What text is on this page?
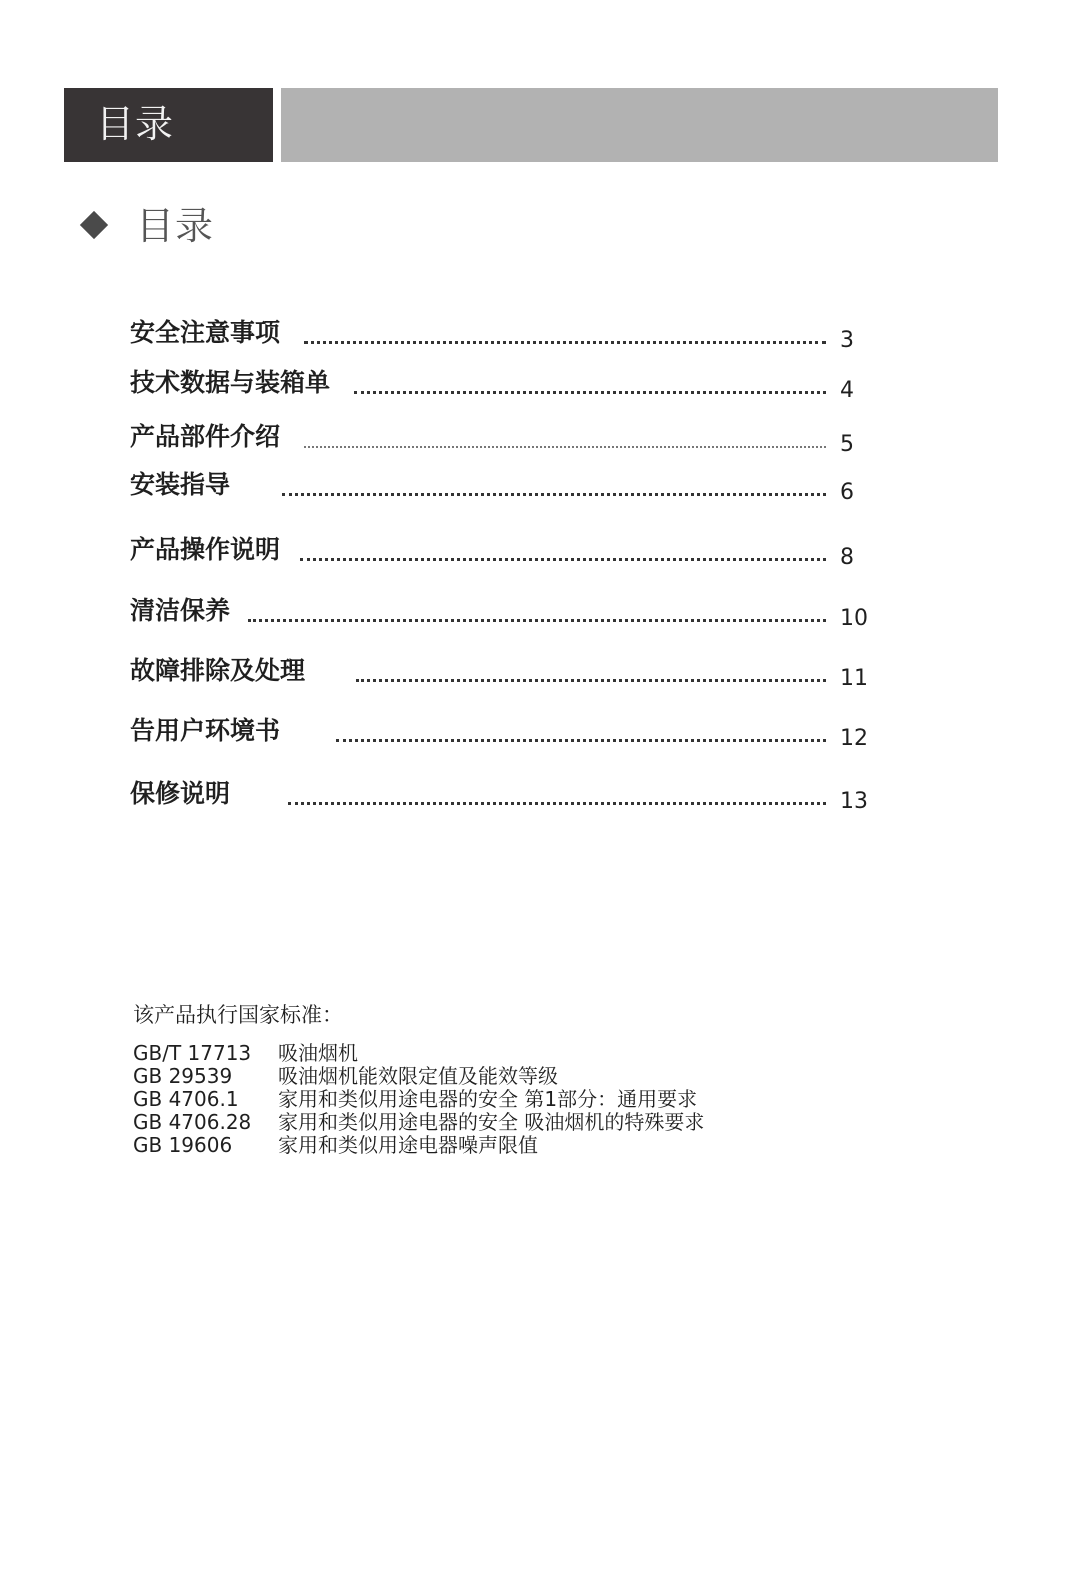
目录
目录
安全注意事项	3
技术数据与装箱单	4
产品部件介绍	5
安装指导	6
产品操作说明	8
清洁保养	10
故障排除及处理	11
告用户环境书	12
保修说明	13
该产品执行国家标准：
GB/T 17713 吸油烟机
GB 29539 吸油烟机能效限定值及能效等级
GB 4706.1 家用和类似用途电器的安全 第1部分：通用要求
GB 4706.28 家用和类似用途电器的安全 吸油烟机的特殊要求
GB 19606 家用和类似用途电器噪声限值
